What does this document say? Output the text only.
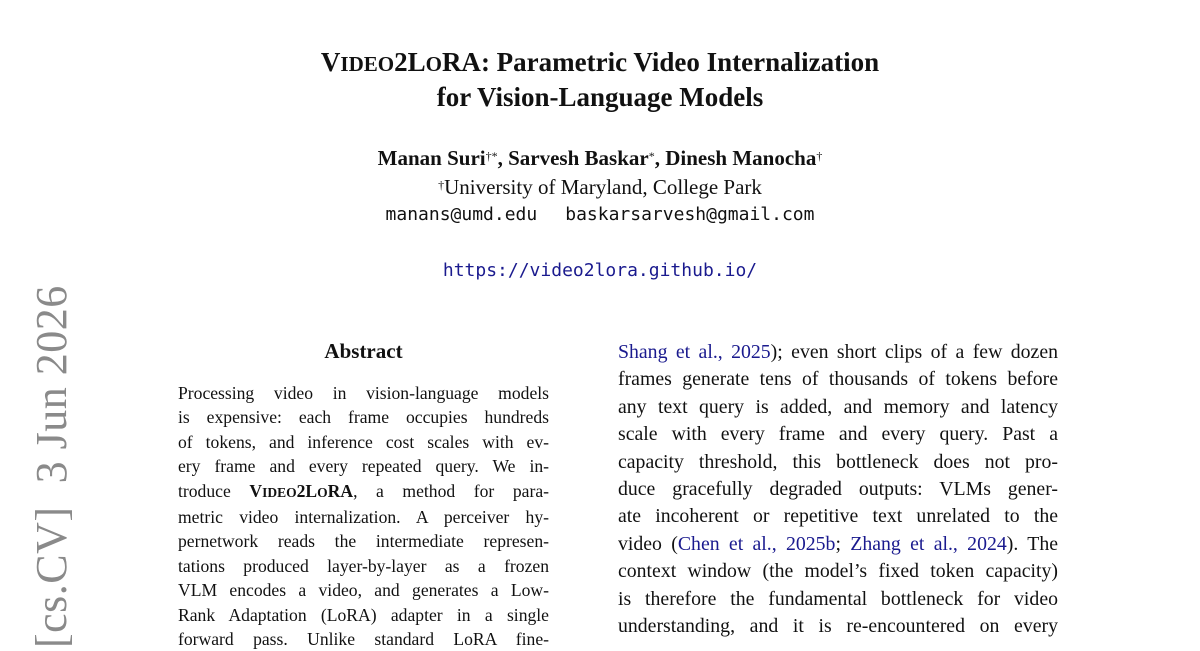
[cs.CV]  3 Jun 2026
VIDEO2LORA: Parametric Video Internalization
for Vision-Language Models
Manan Suri†*, Sarvesh Baskar*, Dinesh Manocha†
†University of Maryland, College Park
manans@umd.edu baskarsarvesh@gmail.com
https://video2lora.github.io/
Abstract
Processing video in vision-language models
is expensive: each frame occupies hundreds
of tokens, and inference cost scales with ev-
ery frame and every repeated query. We in-
troduce VIDEO2LORA, a method for para-
metric video internalization. A perceiver hy-
pernetwork reads the intermediate represen-
tations produced layer-by-layer as a frozen
VLM encodes a video, and generates a Low-
Rank Adaptation (LoRA) adapter in a single
forward pass. Unlike standard LoRA fine-
Shang et al., 2025); even short clips of a few dozen
frames generate tens of thousands of tokens before
any text query is added, and memory and latency
scale with every frame and every query. Past a
capacity threshold, this bottleneck does not pro-
duce gracefully degraded outputs: VLMs gener-
ate incoherent or repetitive text unrelated to the
video (Chen et al., 2025b; Zhang et al., 2024). The
context window (the model’s fixed token capacity)
is therefore the fundamental bottleneck for video
understanding, and it is re-encountered on every
